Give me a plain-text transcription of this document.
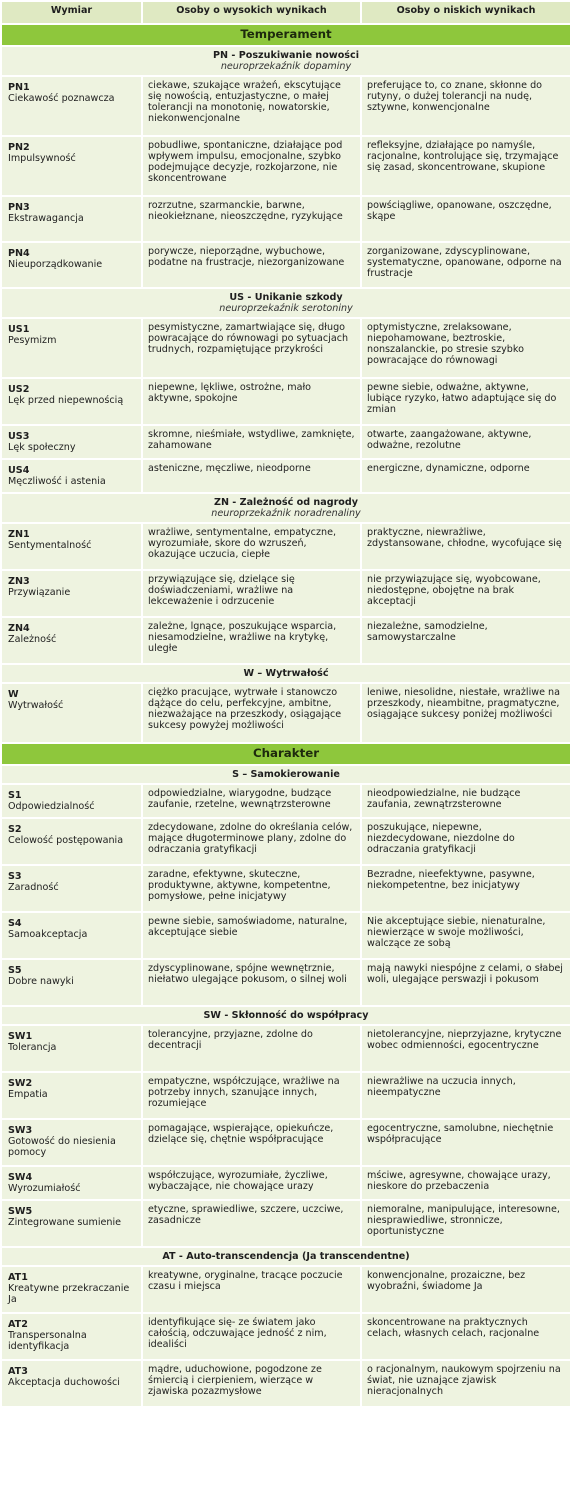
Wymiar	Osoby o wysokich wynikach	Osoby o niskich wynikach
Temperament		

PN - Poszukiwanie nowości
neuroprzekaźnik dopaminy		

PN1
Ciekawość poznawcza	ciekawe, szukające wrażeń, ekscytujące się nowością, entuzjastyczne, o małej tolerancji na monotonię, nowatorskie, niekonwencjonalne	preferujące to, co znane, skłonne do rutyny, o dużej tolerancji na nudę, sztywne, konwencjonalne

PN2
Impulsywność	pobudliwe, spontaniczne, działające pod wpływem impulsu, emocjonalne, szybko podejmujące decyzje, rozkojarzone, nie skoncentrowane	refleksyjne, działające po namyśle, racjonalne, kontrolujące się, trzymające się zasad, skoncentrowane, skupione

PN3
Ekstrawagancja	rozrzutne, szarmanckie, barwne, nieokiełznane, nieoszczędne, ryzykujące	powściągliwe, opanowane, oszczędne, skąpe

PN4
Nieuporządkowanie	porywcze, nieporządne, wybuchowe, podatne na frustracje, niezorganizowane	zorganizowane, zdyscyplinowane, systematyczne, opanowane, odporne na frustracje

US - Unikanie szkody
neuroprzekaźnik serotoniny		

US1
Pesymizm	pesymistyczne, zamartwiające się, długo powracające do równowagi po sytuacjach trudnych, rozpamiętujące przykrości	optymistyczne, zrelaksowane, niepohamowane, beztroskie, nonszalanckie, po stresie szybko powracające do równowagi

US2
Lęk przed niepewnością	niepewne, lękliwe, ostrożne, mało aktywne, spokojne	pewne siebie, odważne, aktywne, lubiące ryzyko, łatwo adaptujące się do zmian

US3
Lęk społeczny	skromne, nieśmiałe, wstydliwe, zamknięte, zahamowane	otwarte, zaangażowane, aktywne, odważne, rezolutne

US4
Męczliwość i astenia	asteniczne, męczliwe, nieodporne	energiczne, dynamiczne, odporne

ZN - Zależność od nagrody
neuroprzekaźnik noradrenaliny		

ZN1
Sentymentalność	wrażliwe, sentymentalne, empatyczne, wyrozumiałe, skore do wzruszeń, okazujące uczucia, ciepłe	praktyczne, niewrażliwe, zdystansowane, chłodne, wycofujące się

ZN3
Przywiązanie	przywiązujące się, dzielące się doświadczeniami, wrażliwe na lekceważenie i odrzucenie	nie przywiązujące się, wyobcowane, niedostępne, obojętne na brak akceptacji

ZN4
Zależność	zależne, lgnące, poszukujące wsparcia, niesamodzielne, wrażliwe na krytykę, uległe	niezależne, samodzielne, samowystarczalne

W – Wytrwałość		

W
Wytrwałość	ciężko pracujące, wytrwałe i stanowczo dążące do celu, perfekcyjne, ambitne, niezważające na przeszkody, osiągające sukcesy powyżej możliwości	leniwe, niesolidne, niestałe, wrażliwe na przeszkody, nieambitne, pragmatyczne, osiągające sukcesy poniżej możliwości
Charakter		

S – Samokierowanie		

S1
Odpowiedzialność	odpowiedzialne, wiarygodne, budzące zaufanie, rzetelne, wewnątrzsterowne	nieodpowiedzialne, nie budzące zaufania, zewnątrzsterowne

S2
Celowość postępowania	zdecydowane, zdolne do określania celów, mające długoterminowe plany, zdolne do odraczania gratyfikacji	poszukujące, niepewne, niezdecydowane, niezdolne do odraczania gratyfikacji

S3
Zaradność	zaradne, efektywne, skuteczne, produktywne, aktywne, kompetentne, pomysłowe, pełne inicjatywy	Bezradne, nieefektywne, pasywne, niekompetentne, bez inicjatywy

S4
Samoakceptacja	pewne siebie, samoświadome, naturalne, akceptujące siebie	Nie akceptujące siebie, nienaturalne, niewierzące w swoje możliwości, walczące ze sobą

S5
Dobre nawyki	zdyscyplinowane, spójne wewnętrznie, niełatwo ulegające pokusom, o silnej woli	mają nawyki niespójne z celami, o słabej woli, ulegające perswazji i pokusom

SW - Skłonność do współpracy		

SW1
Tolerancja	tolerancyjne, przyjazne, zdolne do decentracji	nietolerancyjne, nieprzyjazne, krytyczne wobec odmienności, egocentryczne

SW2
Empatia	empatyczne, współczujące, wrażliwe na potrzeby innych, szanujące innych, rozumiejące	niewrażliwe na uczucia innych, nieempatyczne

SW3
Gotowość do niesienia pomocy	pomagające, wspierające, opiekuńcze, dzielące się, chętnie współpracujące	egocentryczne, samolubne, niechętnie współpracujące

SW4
Wyrozumiałość	współczujące, wyrozumiałe, życzliwe, wybaczające, nie chowające urazy	mściwe, agresywne, chowające urazy, nieskore do przebaczenia

SW5
Zintegrowane sumienie	etyczne, sprawiedliwe, szczere, uczciwe, zasadnicze	niemoralne, manipulujące, interesowne, niesprawiedliwe, stronnicze, oportunistyczne

AT - Auto-transcendencja (Ja transcendentne)		

AT1
Kreatywne przekraczanie Ja	kreatywne, oryginalne, tracące poczucie czasu i miejsca	konwencjonalne, prozaiczne, bez wyobraźni, świadome Ja

AT2
Transpersonalna identyfikacja	identyfikujące się- ze światem jako całością, odczuwające jedność z nim, idealiści	skoncentrowane na praktycznych celach, własnych celach, racjonalne

AT3
Akceptacja duchowości	mądre, uduchowione, pogodzone ze śmiercią i cierpieniem, wierzące w zjawiska pozazmysłowe	o racjonalnym, naukowym spojrzeniu na świat, nie uznające zjawisk nieracjonalnych
